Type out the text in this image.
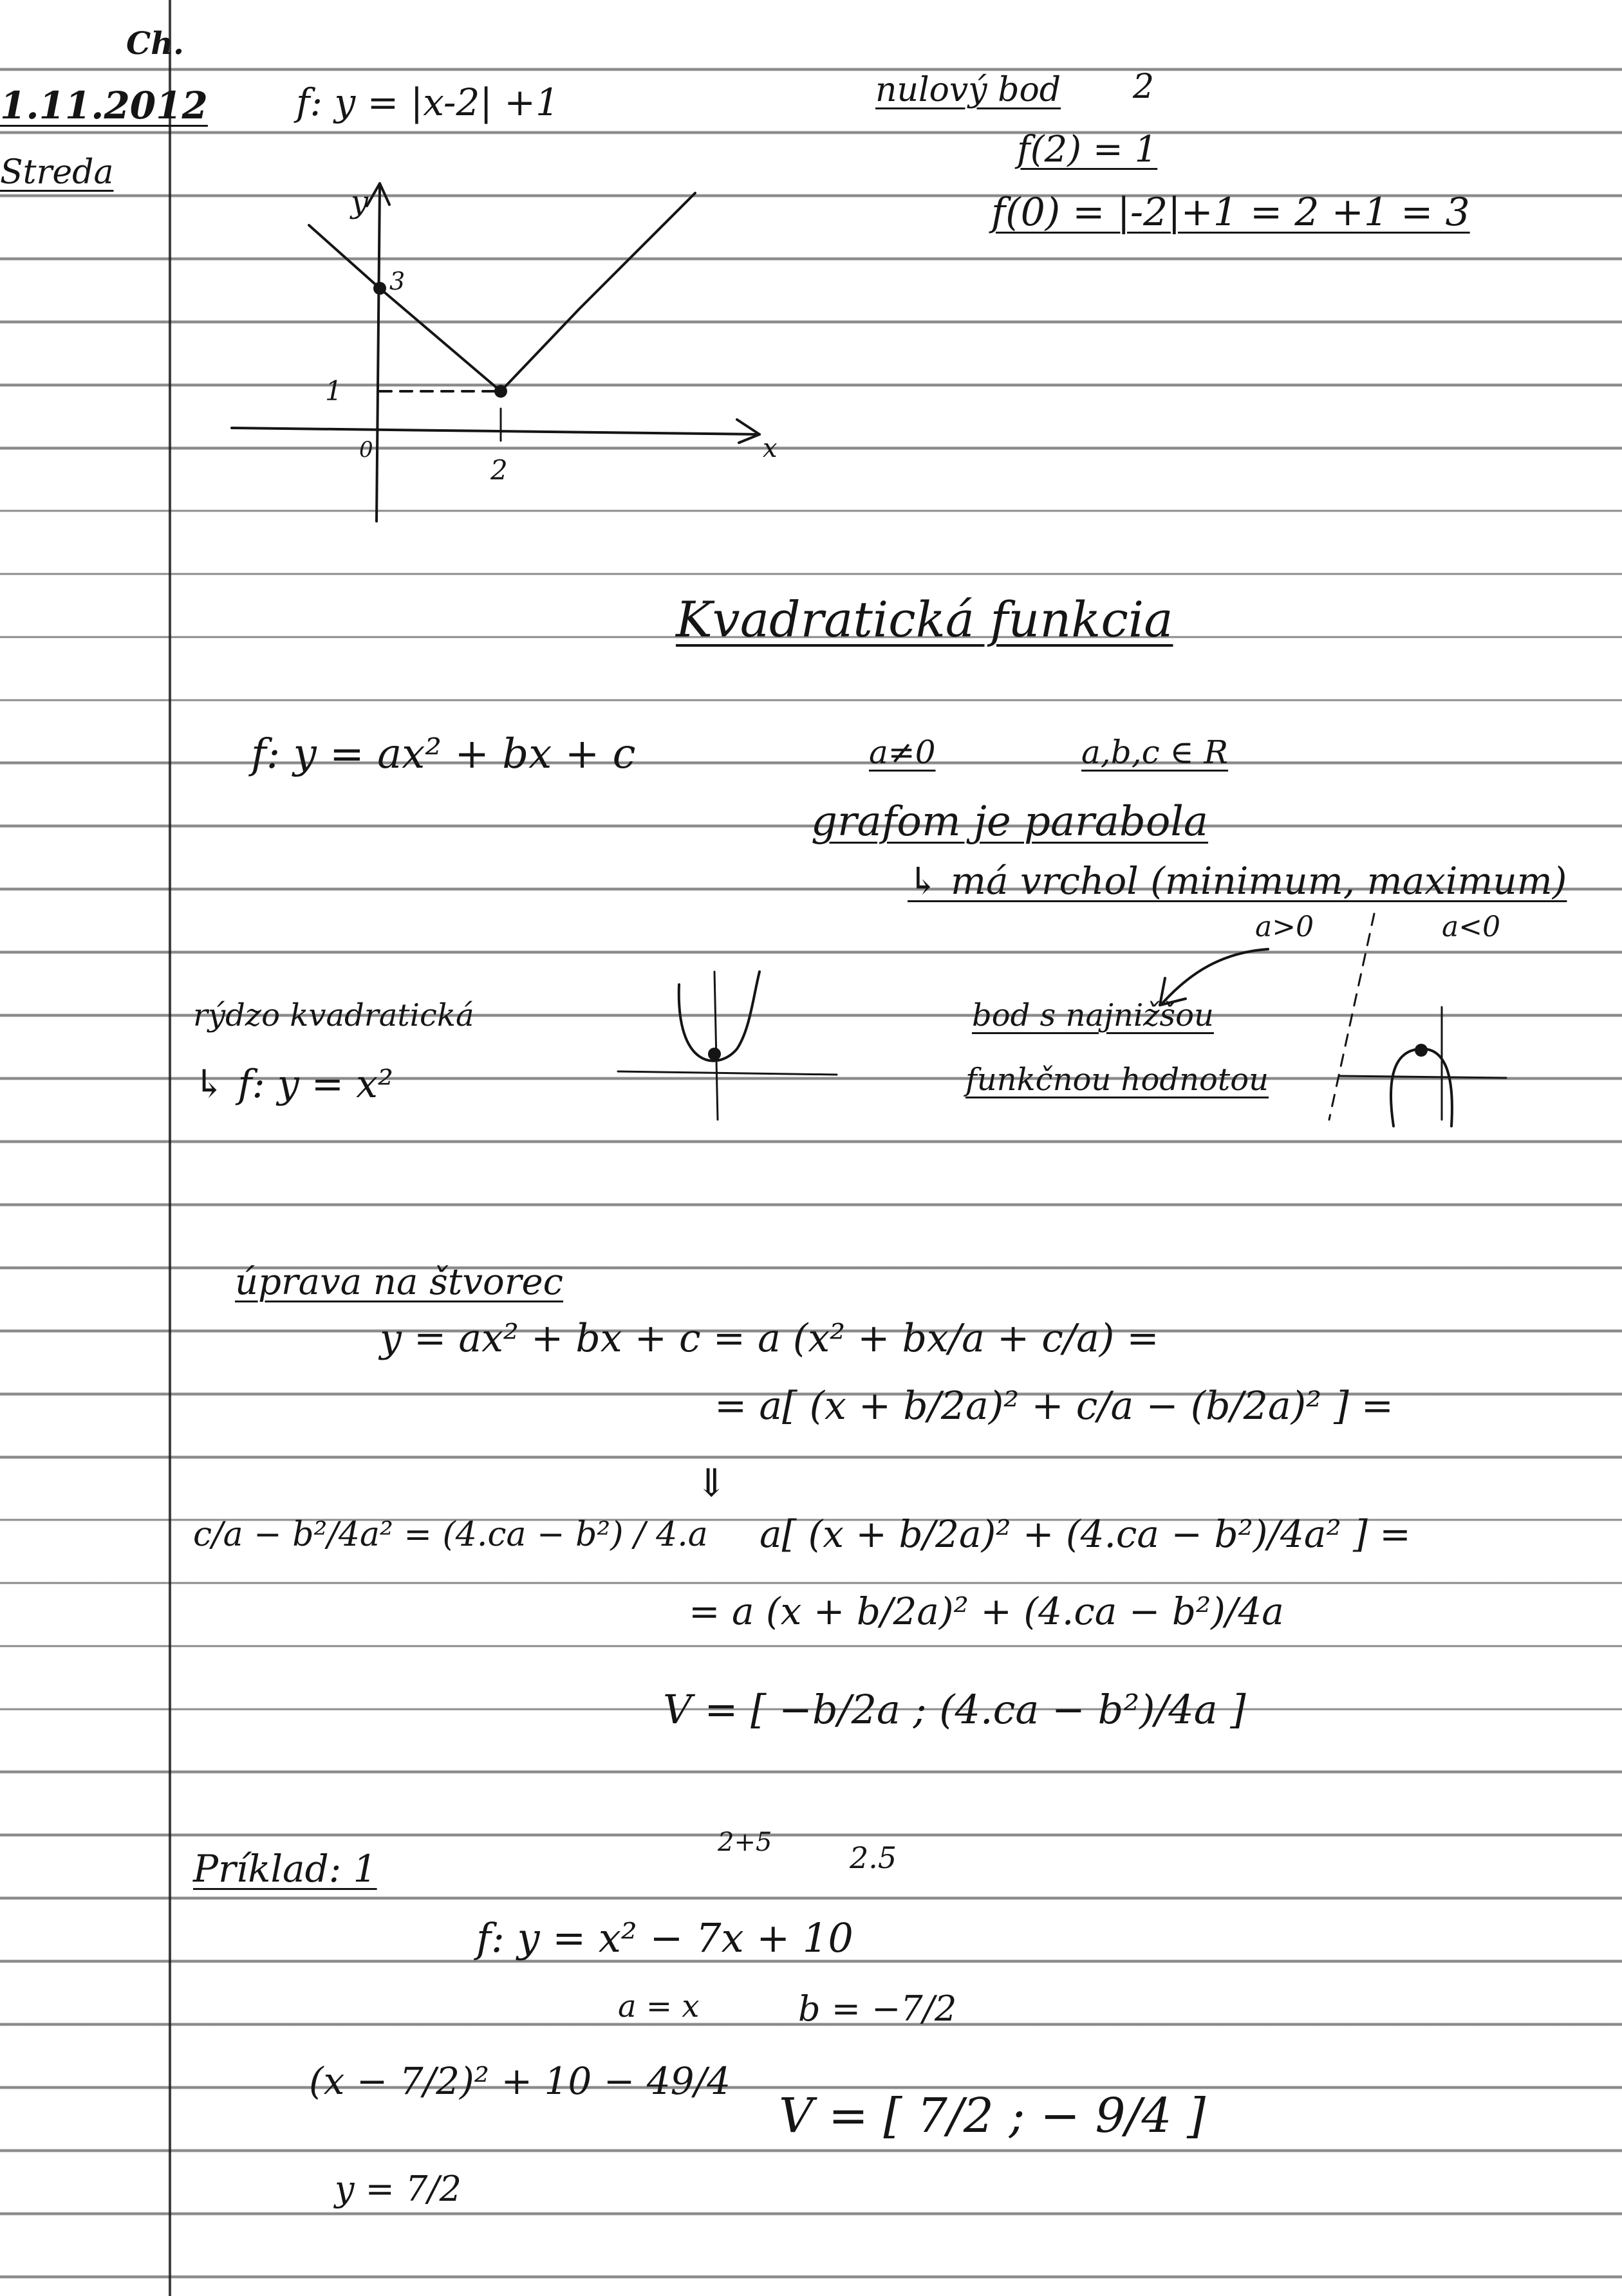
Ch.
1.11.2012
Streda
f: y = |x-2| +1	nulový bod 2
f(2) = 1
f(0) = |-2|+1 = 2 +1 = 3
y
x
0
2
1
3
Kvadratická funkcia
f: y = ax² + bx + c	a≠0	a,b,c ∈ R
grafom je parabola
↳ má vrchol (minimum, maximum)
a>0	a<0
rýdzo kvadratická
↳ f: y = x²
bod s najnižšou
funkčnou hodnotou
úprava na štvorec
y = ax² + bx + c = a (x² + bx/a + c/a) =
= a[ (x + b/2a)² + c/a − (b/2a)² ] =
c/a − b²/4a² = (4.ca − b²) / 4.a
⇓
a[ (x + b/2a)² + (4.ca − b²)/4a² ] =
= a (x + b/2a)² + (4.ca − b²)/4a
V = [ −b/2a ; (4.ca − b²)/4a ]
Príklad: 1
2+5	2.5
f: y = x² − 7x + 10
a = x	b = −7/2
(x − 7/2)² + 10 − 49/4
y = 7/2
V = [ 7/2 ; − 9/4 ]
